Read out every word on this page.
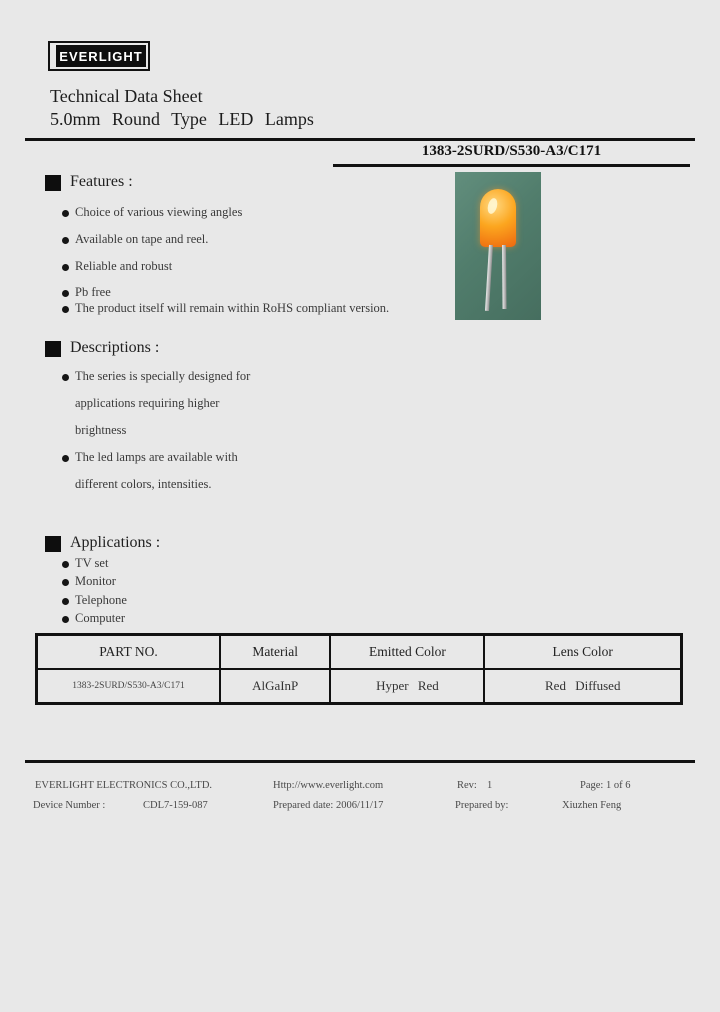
EVERLIGHT
Technical Data Sheet
5.0mm Round Type LED Lamps
1383-2SURD/S530-A3/C171
Features :
Choice of various viewing angles
Available on tape and reel.
Reliable and robust
Pb free
The product itself will remain within RoHS compliant version.
Descriptions :
The series is specially designed for
applications requiring higher
brightness
The led lamps are available with
different colors, intensities.
Applications :
TV set
Monitor
Telephone
Computer
PART NO.	Material	Emitted Color	Lens Color
1383-2SURD/S530-A3/C171	AlGaInP	Hyper Red	Red Diffused
EVERLIGHT ELECTRONICS CO.,LTD.	Http://www.everlight.com	Rev: 1	Page: 1 of 6
Device Number :	CDL7-159-087	Prepared date: 2006/11/17	Prepared by:	Xiuzhen Feng
